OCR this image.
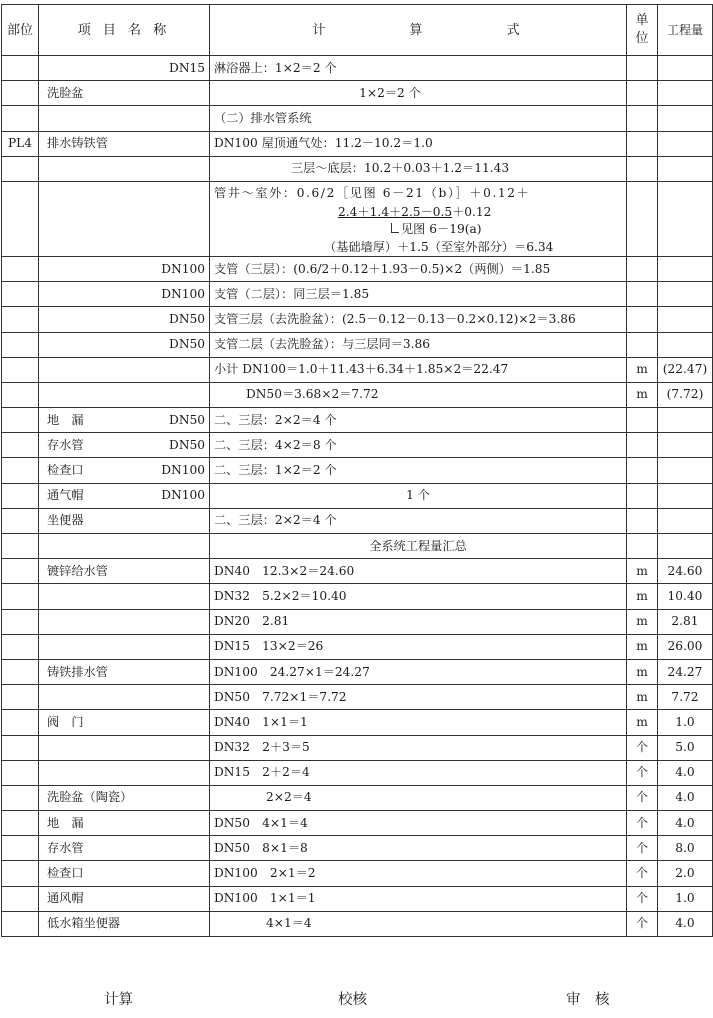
部位	项 目 名 称	计 算 式	单位	工程量

	DN15	淋浴器上：1×2＝2 个		

	洗脸盆	1×2＝2 个		

	（二）排水管系统		
PL4	排水铸铁管	DN100 屋顶通气处：11.2－10.2＝1.0		

	三层～底层：10.2＋0.03＋1.2＝11.43		

		管井～室外：0.6/2［见图 6－21（b）］＋0.12＋
2.4＋1.4＋2.5－0.5＋0.12
见图 6－19(a)
（基础墙厚）＋1.5（至室外部分）＝6.34		

	DN100	支管（三层）：(0.6/2＋0.12＋1.93－0.5)×2（两侧）＝1.85		

	DN100	支管（二层）：同三层＝1.85		

	DN50	支管三层（去洗脸盆）：(2.5－0.12－0.13－0.2×0.12)×2＝3.86		

	DN50	支管二层（去洗脸盆）：与三层同＝3.86		

	小计 DN100＝1.0＋11.43＋6.34＋1.85×2＝22.47	m	(22.47)

	DN50＝3.68×2＝7.72	m	(7.72)

	地　漏 DN50	二、三层：2×2＝4 个		

	存水管 DN50	二、三层：4×2＝8 个		

	检查口 DN100	二、三层：1×2＝2 个		

	通气帽 DN100	1 个		

	坐便器	二、三层：2×2＝4 个		

	全系统工程量汇总		

	镀锌给水管	DN40　12.3×2＝24.60	m	24.60

	DN32　5.2×2＝10.40	m	10.40

	DN20　2.81	m	2.81

	DN15　13×2＝26	m	26.00

	铸铁排水管	DN100　24.27×1＝24.27	m	24.27

	DN50　7.72×1＝7.72	m	7.72

	阀　门	DN40　1×1＝1	m	1.0

	DN32　2＋3＝5	个	5.0

	DN15　2＋2＝4	个	4.0

	洗脸盆（陶瓷）	2×2＝4	个	4.0

	地　漏	DN50　4×1＝4	个	4.0

	存水管	DN50　8×1＝8	个	8.0

	检查口	DN100　2×1＝2	个	2.0

	通风帽	DN100　1×1＝1	个	1.0

	低水箱坐便器	4×1＝4	个	4.0
计算	校核	审　核
